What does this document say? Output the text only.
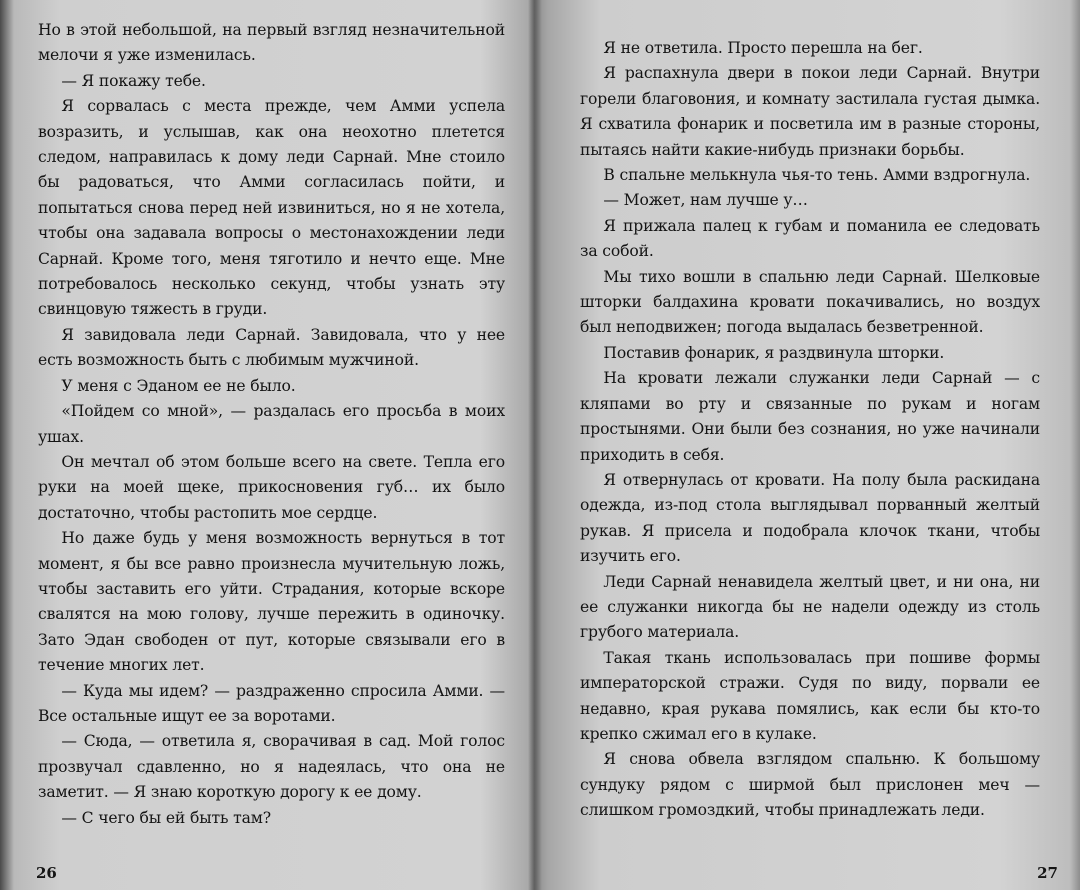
Но в этой небольшой, на первый взгляд незначительной мелочи я уже изменилась.

— Я покажу тебе.

Я сорвалась с места прежде, чем Амми успела возразить, и услышав, как она неохотно плетется следом, направилась к дому леди Сарнай. Мне стоило бы радоваться, что Амми согласилась пойти, и попытаться снова перед ней извиниться, но я не хотела, чтобы она задавала вопросы о местонахождении леди Сарнай. Кроме того, меня тяготило и нечто еще. Мне потребовалось несколько секунд, чтобы узнать эту свинцовую тяжесть в груди.

Я завидовала леди Сарнай. Завидовала, что у нее есть возможность быть с любимым мужчиной.

У меня с Эданом ее не было.

«Пойдем со мной», — раздалась его просьба в моих ушах.

Он мечтал об этом больше всего на свете. Тепла его руки на моей щеке, прикосновения губ… их было достаточно, чтобы растопить мое сердце.

Но даже будь у меня возможность вернуться в тот момент, я бы все равно произнесла мучительную ложь, чтобы заставить его уйти. Страдания, которые вскоре свалятся на мою голову, лучше пережить в одиночку. Зато Эдан свободен от пут, которые связывали его в течение многих лет.

— Куда мы идем? — раздраженно спросила Амми. — Все остальные ищут ее за воротами.

— Сюда, — ответила я, сворачивая в сад. Мой голос прозвучал сдавленно, но я надеялась, что она не заметит. — Я знаю короткую дорогу к ее дому.

— С чего бы ей быть там?

26

Я не ответила. Просто перешла на бег.

Я распахнула двери в покои леди Сарнай. Внутри горели благовония, и комнату застилала густая дымка. Я схватила фонарик и посветила им в разные стороны, пытаясь найти какие-нибудь признаки борьбы.

В спальне мелькнула чья-то тень. Амми вздрогнула.

— Может, нам лучше у…

Я прижала палец к губам и поманила ее следовать за собой.

Мы тихо вошли в спальню леди Сарнай. Шелковые шторки балдахина кровати покачивались, но воздух был неподвижен; погода выдалась безветренной.

Поставив фонарик, я раздвинула шторки.

На кровати лежали служанки леди Сарнай — с кляпами во рту и связанные по рукам и ногам простынями. Они были без сознания, но уже начинали приходить в себя.

Я отвернулась от кровати. На полу была раскидана одежда, из-под стола выглядывал порванный желтый рукав. Я присела и подобрала клочок ткани, чтобы изучить его.

Леди Сарнай ненавидела желтый цвет, и ни она, ни ее служанки никогда бы не надели одежду из столь грубого материала.

Такая ткань использовалась при пошиве формы императорской стражи. Судя по виду, порвали ее недавно, края рукава помялись, как если бы кто-то крепко сжимал его в кулаке.

Я снова обвела взглядом спальню. К большому сундуку рядом с ширмой был прислонен меч — слишком громоздкий, чтобы принадлежать леди.

27
